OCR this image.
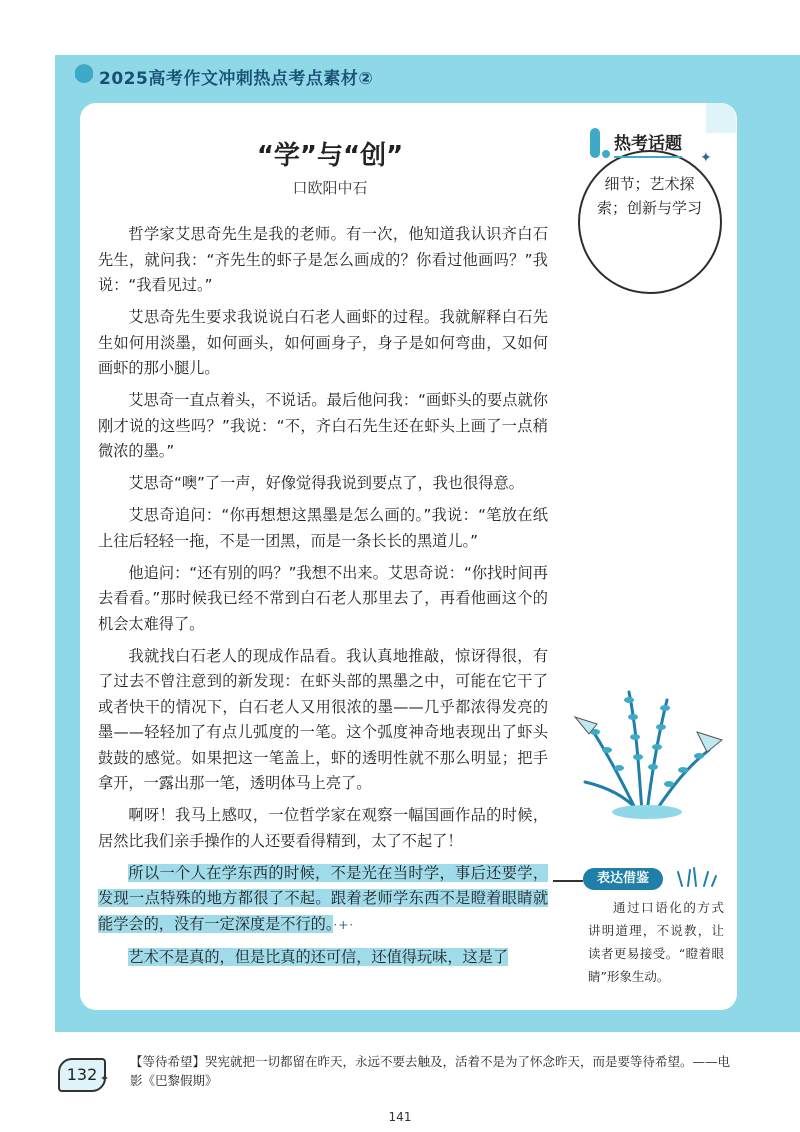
2025高考作文冲刺热点考点素材②
“学”与“创”
口欧阳中石

哲学家艾思奇先生是我的老师。有一次，他知道我认识齐白石先生，就问我：“齐先生的虾子是怎么画成的？你看过他画吗？”我说：“我看见过。”

艾思奇先生要求我说说白石老人画虾的过程。我就解释白石先生如何用淡墨，如何画头，如何画身子，身子是如何弯曲，又如何画虾的那小腿儿。

艾思奇一直点着头，不说话。最后他问我：“画虾头的要点就你刚才说的这些吗？”我说：“不，齐白石先生还在虾头上画了一点稍微浓的墨。”

艾思奇“噢”了一声，好像觉得我说到要点了，我也很得意。

艾思奇追问：“你再想想这黑墨是怎么画的。”我说：“笔放在纸上往后轻轻一拖，不是一团黑，而是一条长长的黑道儿。”

他追问：“还有别的吗？”我想不出来。艾思奇说：“你找时间再去看看。”那时候我已经不常到白石老人那里去了，再看他画这个的机会太难得了。

我就找白石老人的现成作品看。我认真地推敲，惊讶得很，有了过去不曾注意到的新发现：在虾头部的黑墨之中，可能在它干了或者快干的情况下，白石老人又用很浓的墨——几乎都浓得发亮的墨——轻轻加了有点儿弧度的一笔。这个弧度神奇地表现出了虾头鼓鼓的感觉。如果把这一笔盖上，虾的透明性就不那么明显；把手拿开，一露出那一笔，透明体马上亮了。

啊呀！我马上感叹，一位哲学家在观察一幅国画作品的时候，居然比我们亲手操作的人还要看得精到，太了不起了！

所以一个人在学东西的时候，不是光在当时学，事后还要学，发现一点特殊的地方都很了不起。跟着老师学东西不是瞪着眼睛就能学会的，没有一定深度是不行的。·+·

艺术不是真的，但是比真的还可信，还值得玩味，这是了

热考话题
✦
细节；艺术探索；创新与学习
表达借鉴
通过口语化的方式讲明道理，不说教，让读者更易接受。“瞪着眼睛”形象生动。
132 ✦
【等待希望】哭宪就把一切都留在昨天，永远不要去触及，活着不是为了怀念昨天，而是要等待希望。——电影《巴黎假期》
141
